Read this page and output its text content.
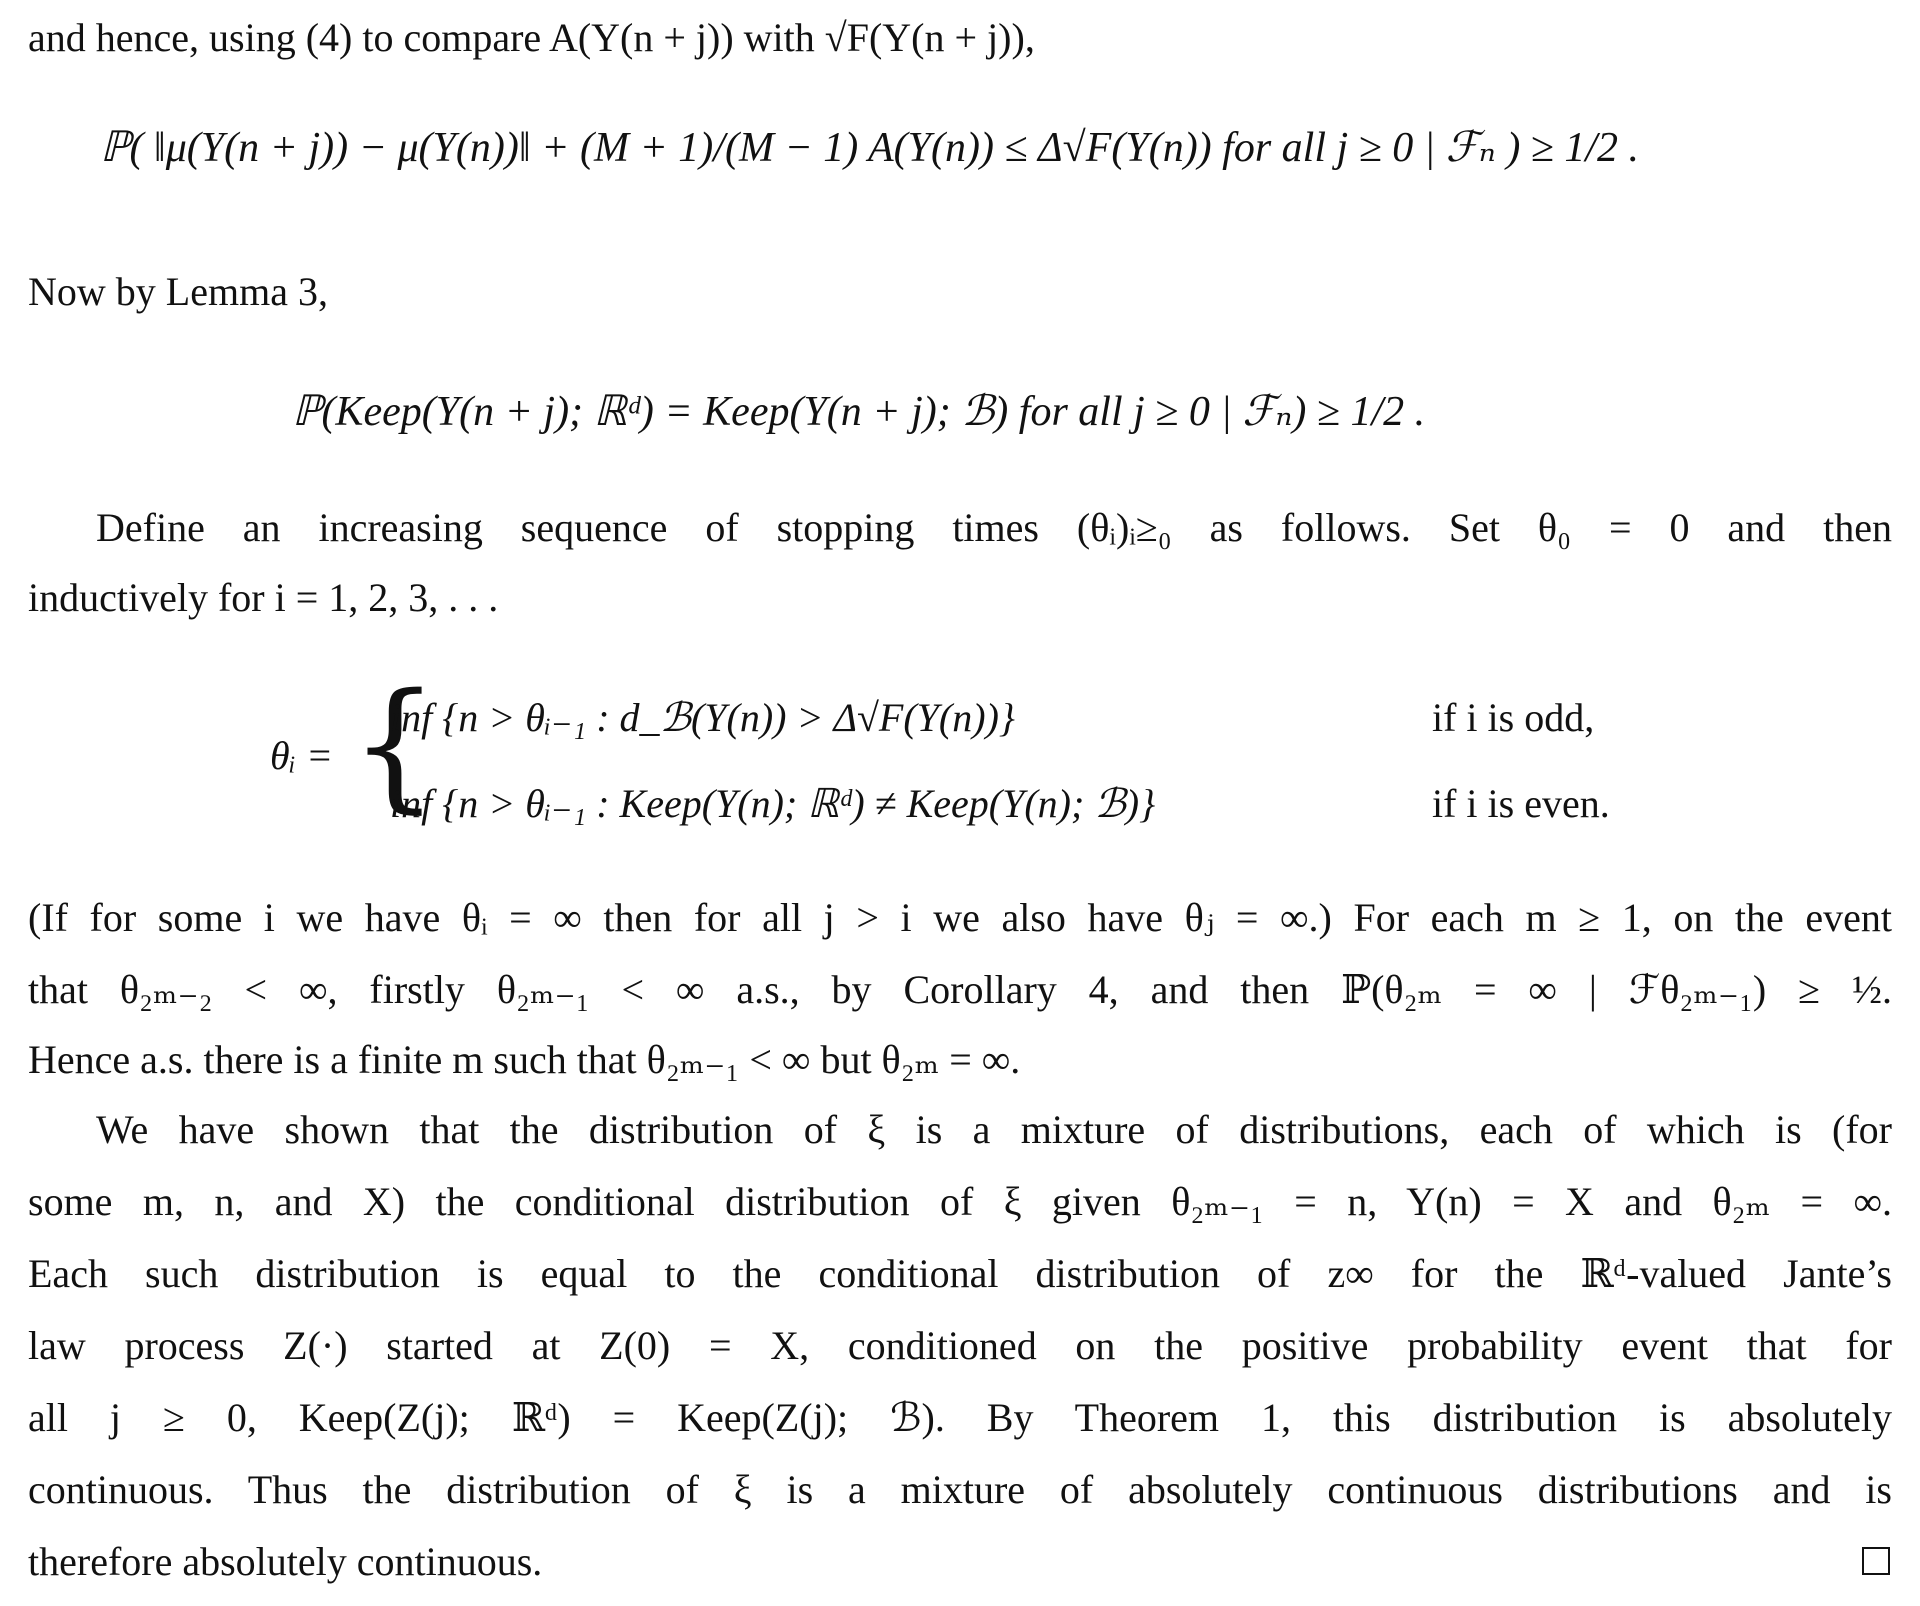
and hence, using (4) to compare A(Y(n + j)) with √F(Y(n + j)),
ℙ( ‖μ(Y(n + j)) − μ(Y(n))‖ + (M + 1)/(M − 1) A(Y(n)) ≤ Δ√F(Y(n)) for all j ≥ 0 | ℱₙ ) ≥ 1/2 .
Now by Lemma 3,
ℙ(Keep(Y(n + j); ℝᵈ) = Keep(Y(n + j); ℬ) for all j ≥ 0 | ℱₙ) ≥ 1/2 .
Define an increasing sequence of stopping times (θᵢ)ᵢ≥₀ as follows. Set θ₀ = 0 and then
inductively for i = 1, 2, 3, . . .
θᵢ = {
inf {n > θᵢ₋₁ : d_ℬ(Y(n)) > Δ√F(Y(n))}	if i is odd,
inf {n > θᵢ₋₁ : Keep(Y(n); ℝᵈ) ≠ Keep(Y(n); ℬ)}	if i is even.
(If for some i we have θᵢ = ∞ then for all j > i we also have θⱼ = ∞.) For each m ≥ 1, on the event
that θ₂ₘ₋₂ < ∞, firstly θ₂ₘ₋₁ < ∞ a.s., by Corollary 4, and then ℙ(θ₂ₘ = ∞ | ℱθ₂ₘ₋₁) ≥ ½.
Hence a.s. there is a finite m such that θ₂ₘ₋₁ < ∞ but θ₂ₘ = ∞.
We have shown that the distribution of ξ is a mixture of distributions, each of which is (for
some m, n, and X) the conditional distribution of ξ given θ₂ₘ₋₁ = n, Y(n) = X and θ₂ₘ = ∞.
Each such distribution is equal to the conditional distribution of z∞ for the ℝᵈ-valued Jante’s
law process Z(·) started at Z(0) = X, conditioned on the positive probability event that for
all j ≥ 0, Keep(Z(j); ℝᵈ) = Keep(Z(j); ℬ). By Theorem 1, this distribution is absolutely
continuous. Thus the distribution of ξ is a mixture of absolutely continuous distributions and is
therefore absolutely continuous.
